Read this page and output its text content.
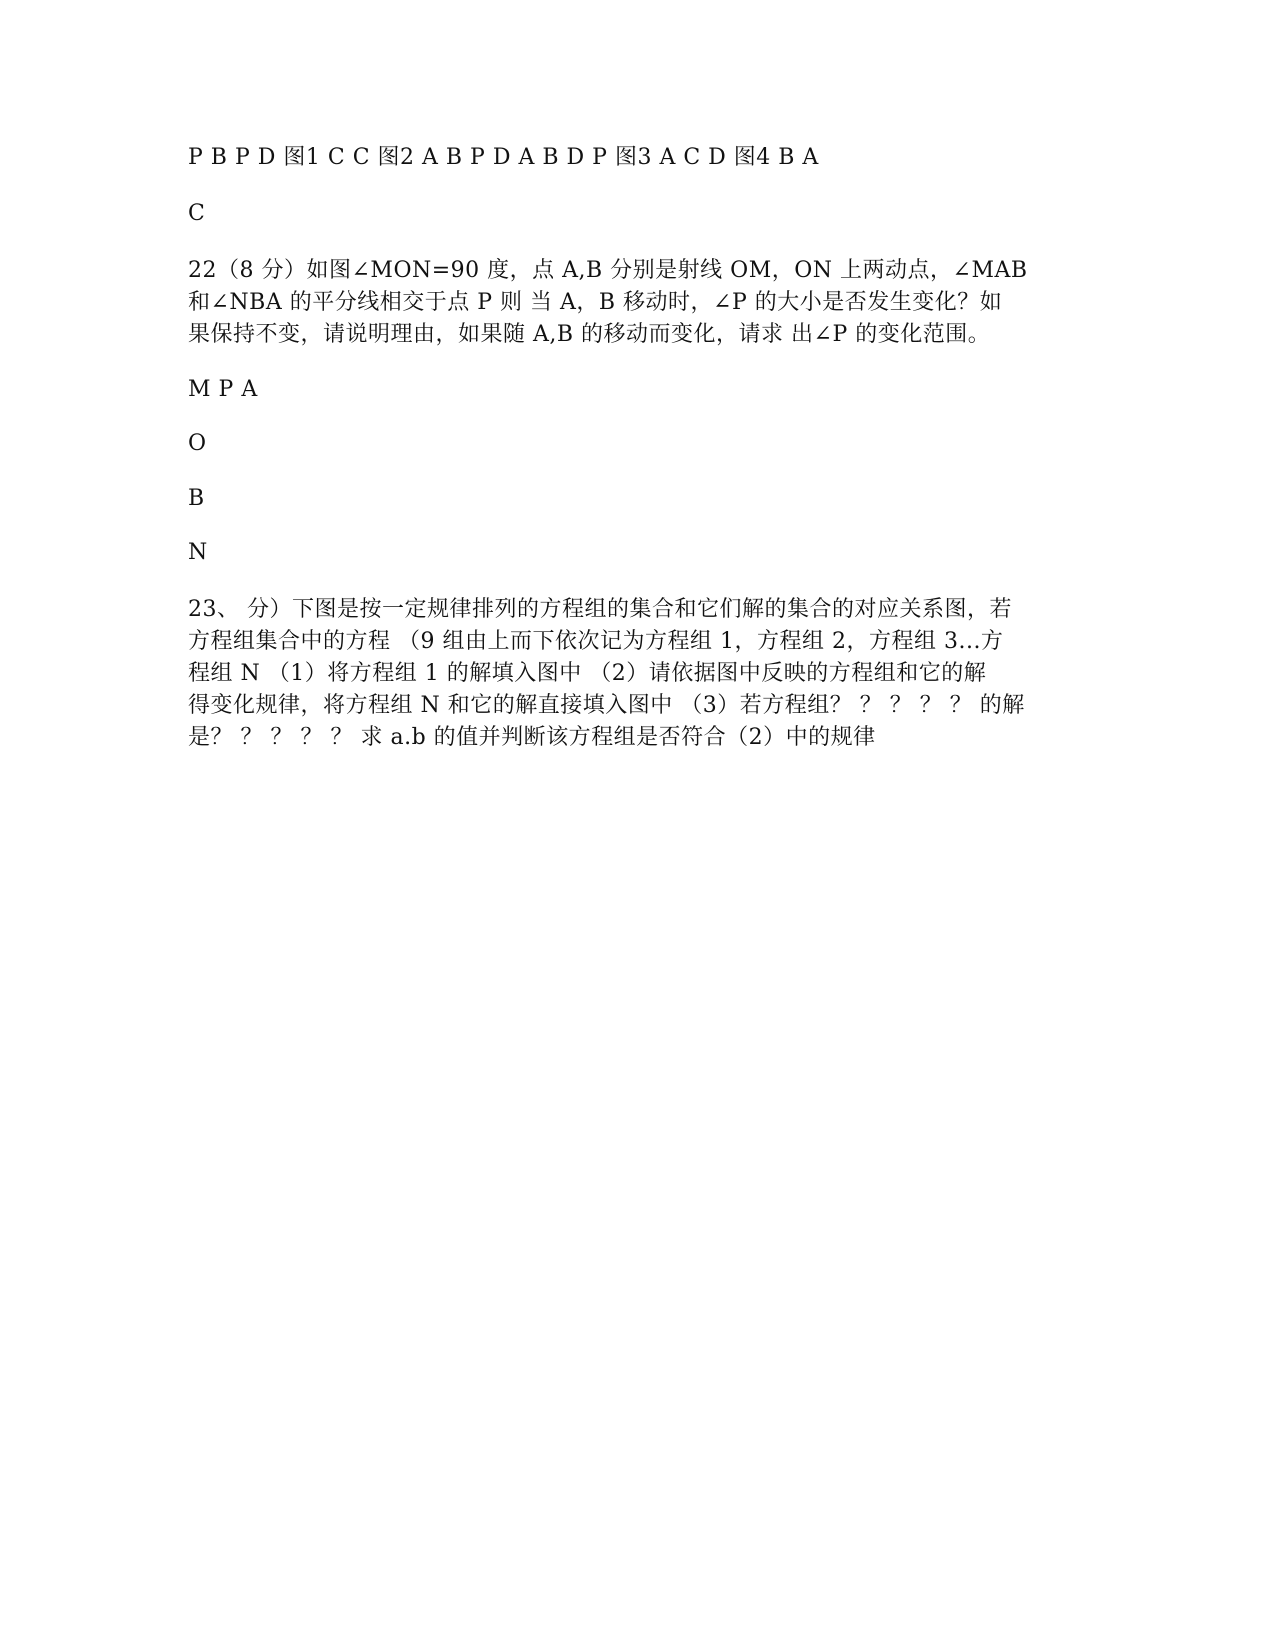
P B P D 图1 C C 图2 A B P D A B D P 图3 A C D 图4 B A
C
22（8 分）如图∠MON=90 度，点 A,B 分别是射线 OM，ON 上两动点，∠MAB
和∠NBA 的平分线相交于点 P 则 当 A，B 移动时，∠P 的大小是否发生变化？如
果保持不变，请说明理由，如果随 A,B 的移动而变化，请求 出∠P 的变化范围。
M P A
O
B
N
23、 分）下图是按一定规律排列的方程组的集合和它们解的集合的对应关系图，若
方程组集合中的方程 （9 组由上而下依次记为方程组 1，方程组 2，方程组 3...方
程组 N （1）将方程组 1 的解填入图中 （2）请依据图中反映的方程组和它的解
得变化规律，将方程组 N 和它的解直接填入图中 （3）若方程组？ ？ ？ ？ ？ 的解
是？ ？ ？ ？ ？ 求 a.b 的值并判断该方程组是否符合（2）中的规律
